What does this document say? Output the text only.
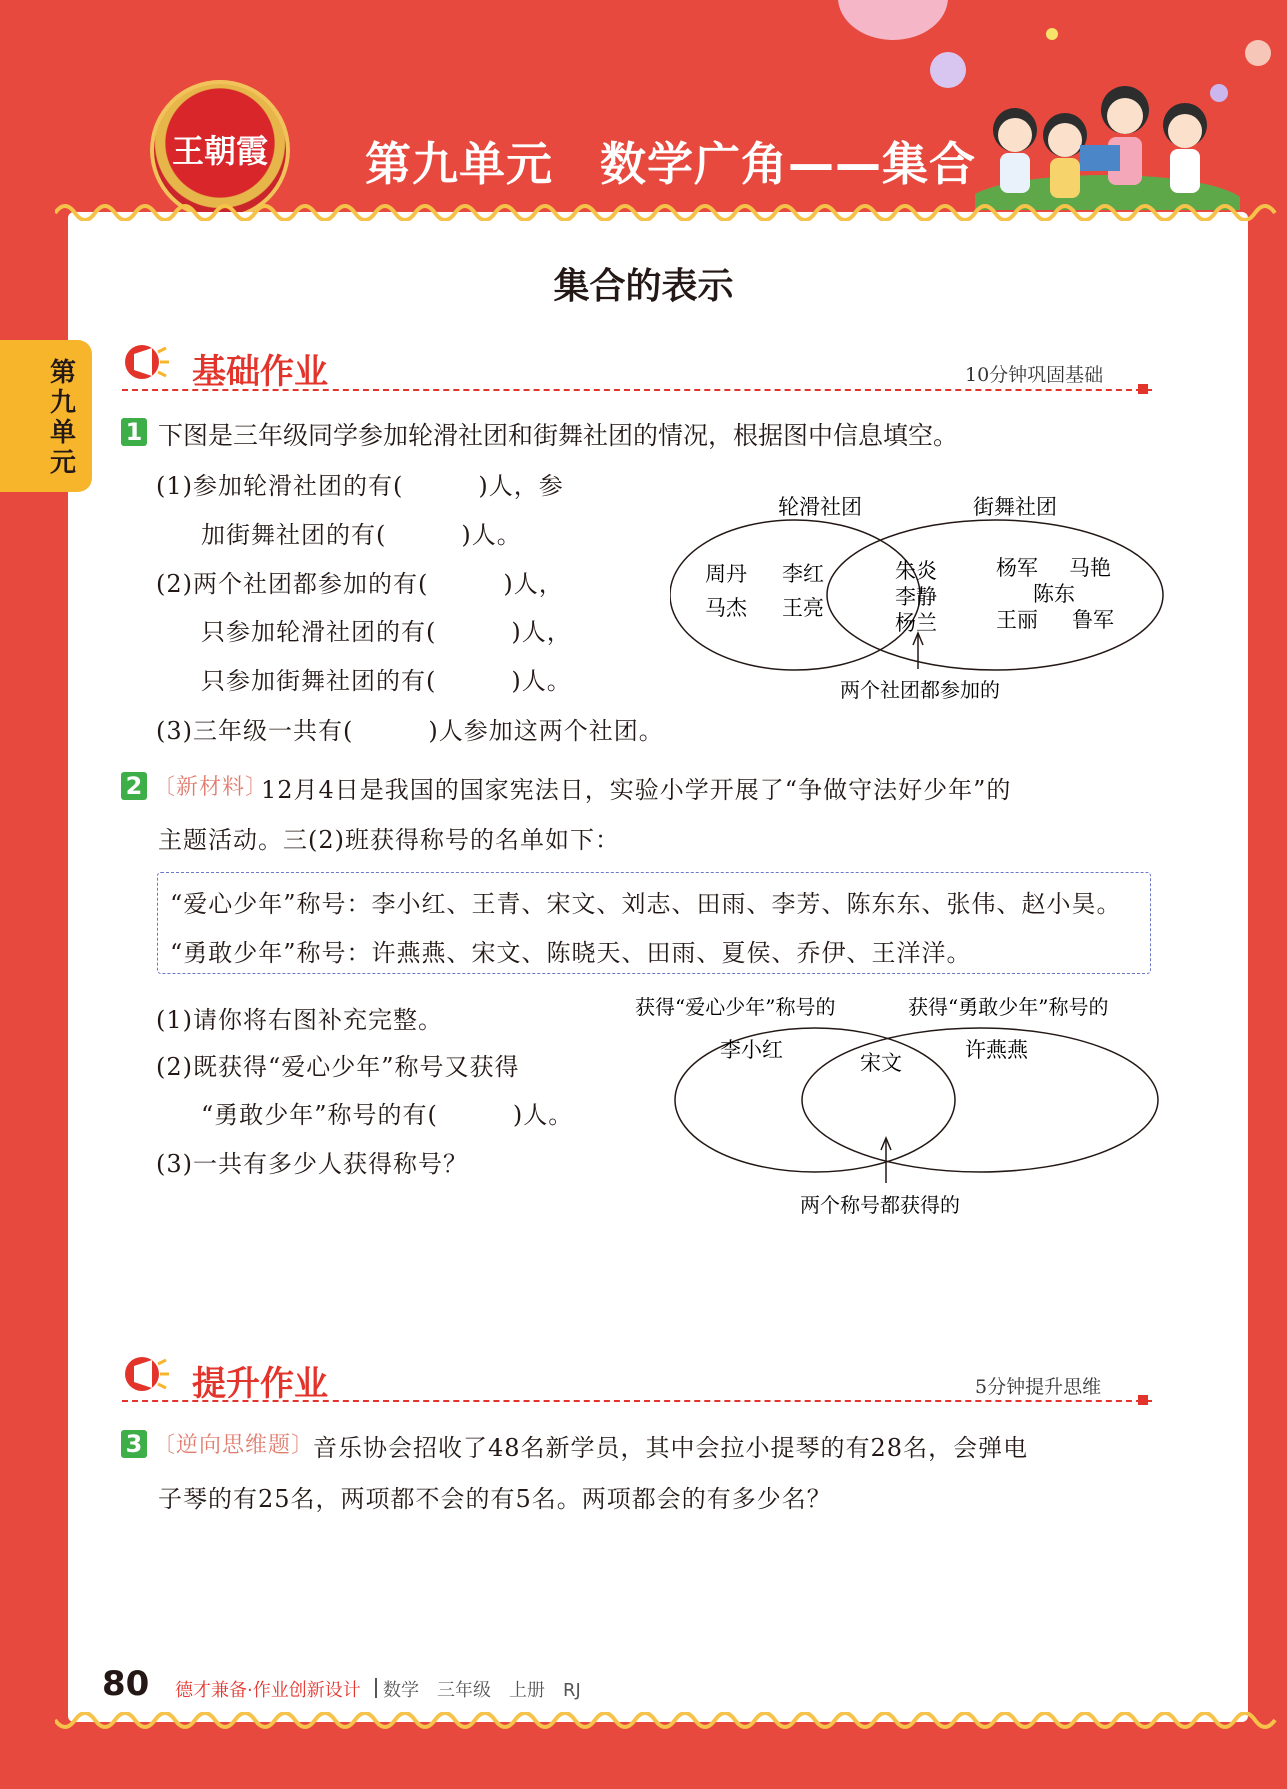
王朝霞	第九单元　数学广角——集合
第九单元
集合的表示
基础作业	10分钟巩固基础
1 下图是三年级同学参加轮滑社团和街舞社团的情况，根据图中信息填空。
(1)参加轮滑社团的有(　　　)人，参
加街舞社团的有(　　　)人。
(2)两个社团都参加的有(　　　)人，
只参加轮滑社团的有(　　　)人，
只参加街舞社团的有(　　　)人。
(3)三年级一共有(　　　)人参加这两个社团。
轮滑社团	街舞社团
周丹 李红
马杰 王亮
朱炎
李静
杨兰
杨军 马艳
陈东
王丽 鲁军
两个社团都参加的
2 〔新材料〕
12月4日是我国的国家宪法日，实验小学开展了“争做守法好少年”的
主题活动。三(2)班获得称号的名单如下：
“爱心少年”称号：李小红、王青、宋文、刘志、田雨、李芳、陈东东、张伟、赵小昊。
“勇敢少年”称号：许燕燕、宋文、陈晓天、田雨、夏侯、乔伊、王洋洋。
(1)请你将右图补充完整。
(2)既获得“爱心少年”称号又获得
“勇敢少年”称号的有(　　　)人。
(3)一共有多少人获得称号？
获得“爱心少年”称号的	获得“勇敢少年”称号的
李小红
宋文
许燕燕
两个称号都获得的
提升作业	5分钟提升思维
3 〔逆向思维题〕
音乐协会招收了48名新学员，其中会拉小提琴的有28名，会弹电
子琴的有25名，两项都不会的有5名。两项都会的有多少名？
80 德才兼备·作业创新设计 数学　三年级　上册　RJ
